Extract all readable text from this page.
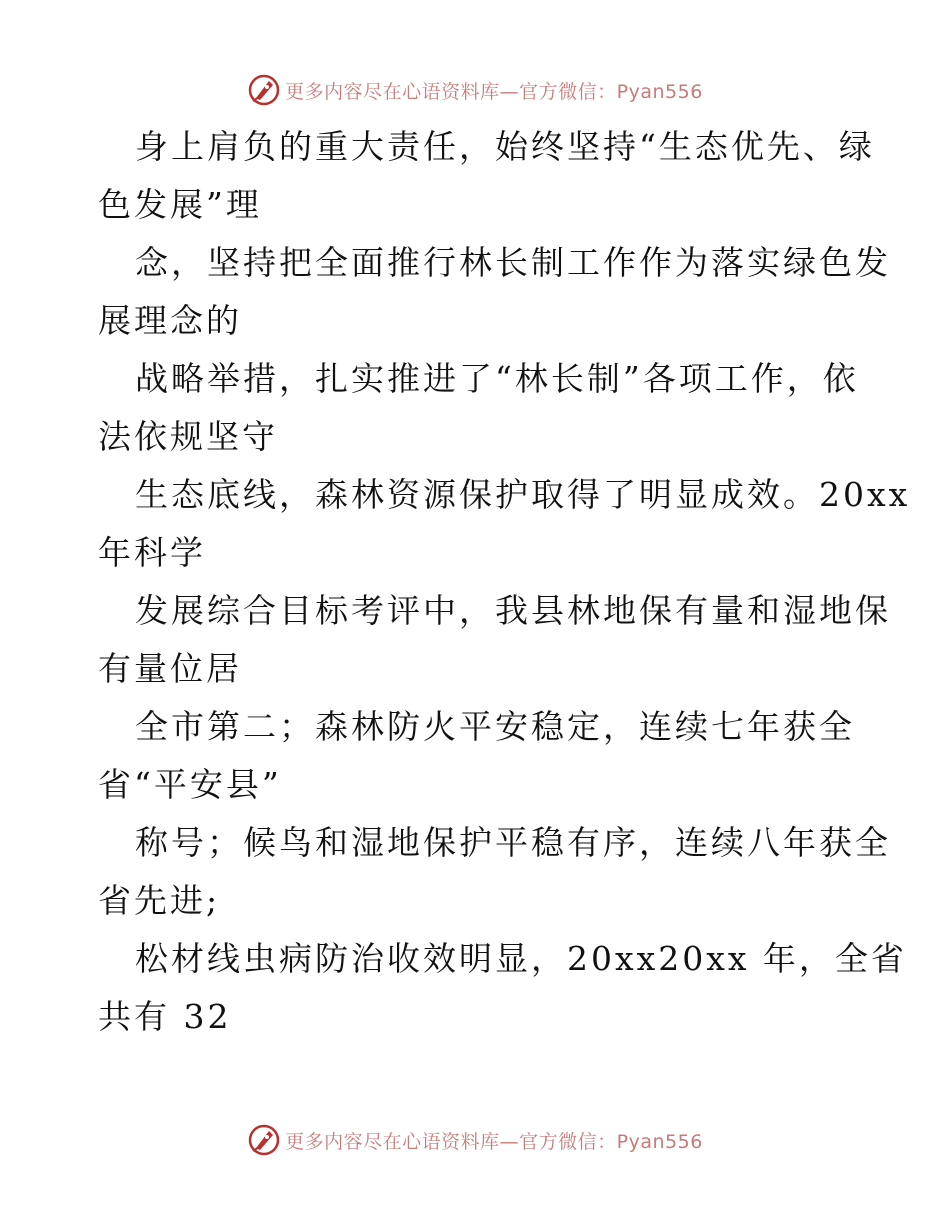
更多内容尽在心语资料库—官方微信：Pyan556

身上肩负的重大责任，始终坚持“生态优先、绿

色发展”理

念，坚持把全面推行林长制工作作为落实绿色发

展理念的

战略举措，扎实推进了“林长制”各项工作，依

法依规坚守

生态底线，森林资源保护取得了明显成效。20xx

年科学

发展综合目标考评中，我县林地保有量和湿地保

有量位居

全市第二；森林防火平安稳定，连续七年获全

省“平安县”

称号；候鸟和湿地保护平稳有序，连续八年获全

省先进;

松材线虫病防治收效明显，20xx20xx 年，全省

共有 32

更多内容尽在心语资料库—官方微信：Pyan556
